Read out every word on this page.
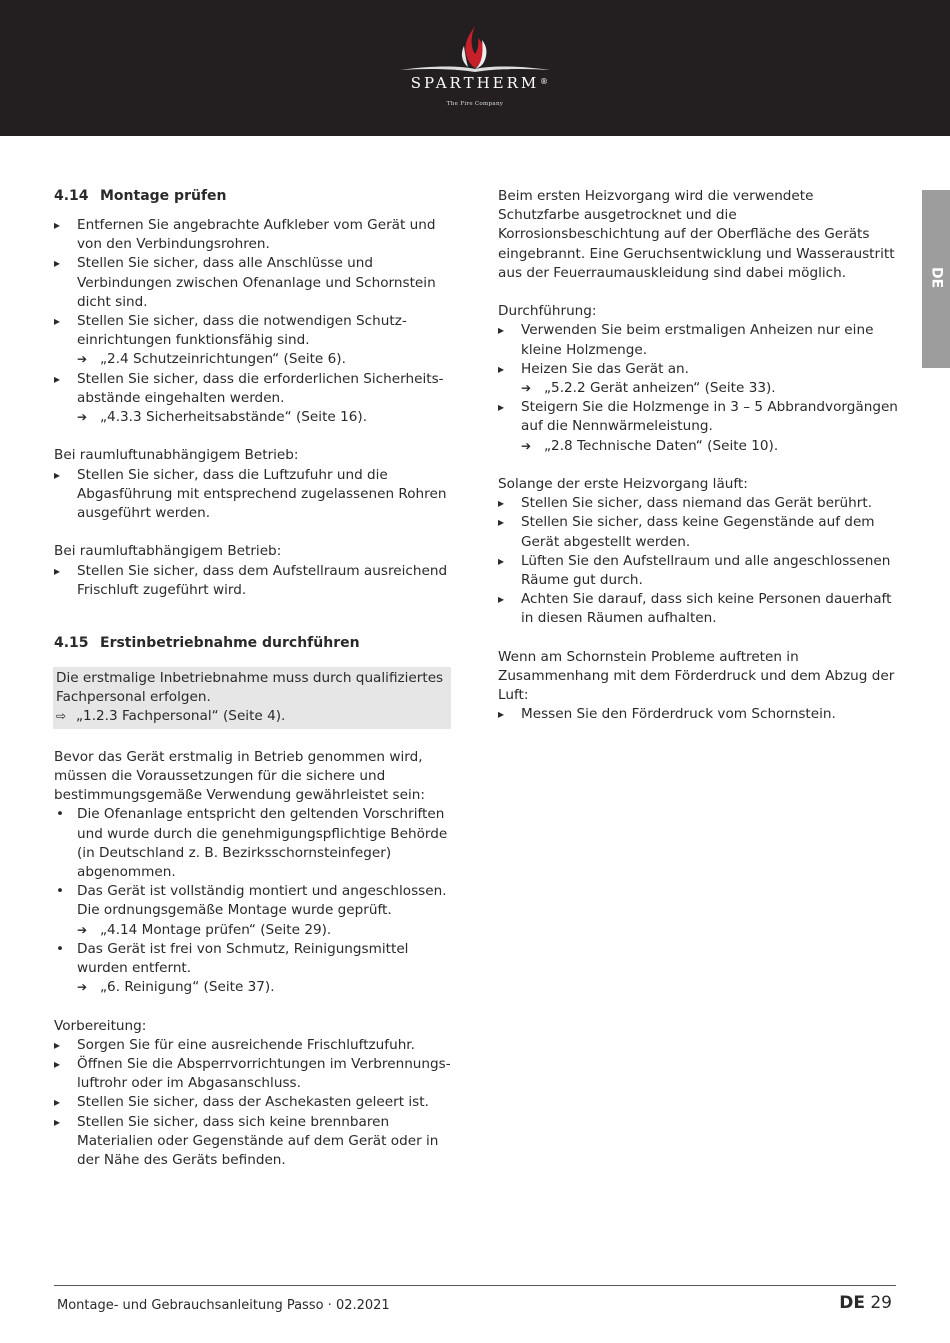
SPARTHERM ®
The Fire Company
DE
4.14 Montage prüfen
▸ Entfernen Sie angebrachte Aufkleber vom Gerät und von den Verbindungsrohren.
▸ Stellen Sie sicher, dass alle Anschlüsse und Verbindungen zwischen Ofenanlage und Schornstein dicht sind.
▸ Stellen Sie sicher, dass die notwendigen Schutz-einrichtungen funktionsfähig sind.
➔ „2.4 Schutzeinrichtungen“ (Seite 6).
▸ Stellen Sie sicher, dass die erforderlichen Sicherheits-abstände eingehalten werden.
➔ „4.3.3 Sicherheitsabstände“ (Seite 16).

Bei raumluftunabhängigem Betrieb:

▸ Stellen Sie sicher, dass die Luftzufuhr und die Abgasführung mit entsprechend zugelassenen Rohren ausgeführt werden.

Bei raumluftabhängigem Betrieb:

▸ Stellen Sie sicher, dass dem Aufstellraum ausreichend Frischluft zugeführt wird.
4.15 Erstinbetriebnahme durchführen

Die erstmalige Inbetriebnahme muss durch qualifiziertes Fachpersonal erfolgen.

⇨ „1.2.3 Fachpersonal“ (Seite 4).

Bevor das Gerät erstmalig in Betrieb genommen wird, müssen die Voraussetzungen für die sichere und bestimmungsgemäße Verwendung gewährleistet sein:

• Die Ofenanlage entspricht den geltenden Vorschriften und wurde durch die genehmigungspflichtige Behörde (in Deutschland z. B. Bezirksschornsteinfeger) abgenommen.
• Das Gerät ist vollständig montiert und angeschlossen. Die ordnungsgemäße Montage wurde geprüft.
➔ „4.14 Montage prüfen“ (Seite 29).
• Das Gerät ist frei von Schmutz, Reinigungsmittel wurden entfernt.
➔ „6. Reinigung“ (Seite 37).

Vorbereitung:

▸ Sorgen Sie für eine ausreichende Frischluftzufuhr.
▸ Öffnen Sie die Absperrvorrichtungen im Verbrennungs-luftrohr oder im Abgasanschluss.
▸ Stellen Sie sicher, dass der Aschekasten geleert ist.
▸ Stellen Sie sicher, dass sich keine brennbaren Materialien oder Gegenstände auf dem Gerät oder in der Nähe des Geräts befinden.

Beim ersten Heizvorgang wird die verwendete Schutzfarbe ausgetrocknet und die Korrosionsbeschichtung auf der Oberfläche des Geräts eingebrannt. Eine Geruchsentwicklung und Wasseraustritt aus der Feuerraumauskleidung sind dabei möglich.

Durchführung:

▸ Verwenden Sie beim erstmaligen Anheizen nur eine kleine Holzmenge.
▸ Heizen Sie das Gerät an.
➔ „5.2.2 Gerät anheizen“ (Seite 33).
▸ Steigern Sie die Holzmenge in 3 – 5 Abbrandvorgängen auf die Nennwärmeleistung.
➔ „2.8 Technische Daten“ (Seite 10).

Solange der erste Heizvorgang läuft:

▸ Stellen Sie sicher, dass niemand das Gerät berührt.
▸ Stellen Sie sicher, dass keine Gegenstände auf dem Gerät abgestellt werden.
▸ Lüften Sie den Aufstellraum und alle angeschlossenen Räume gut durch.
▸ Achten Sie darauf, dass sich keine Personen dauerhaft in diesen Räumen aufhalten.

Wenn am Schornstein Probleme auftreten in Zusammenhang mit dem Förderdruck und dem Abzug der Luft:

▸ Messen Sie den Förderdruck vom Schornstein.
Montage- und Gebrauchsanleitung Passo · 02.2021	DE 29
